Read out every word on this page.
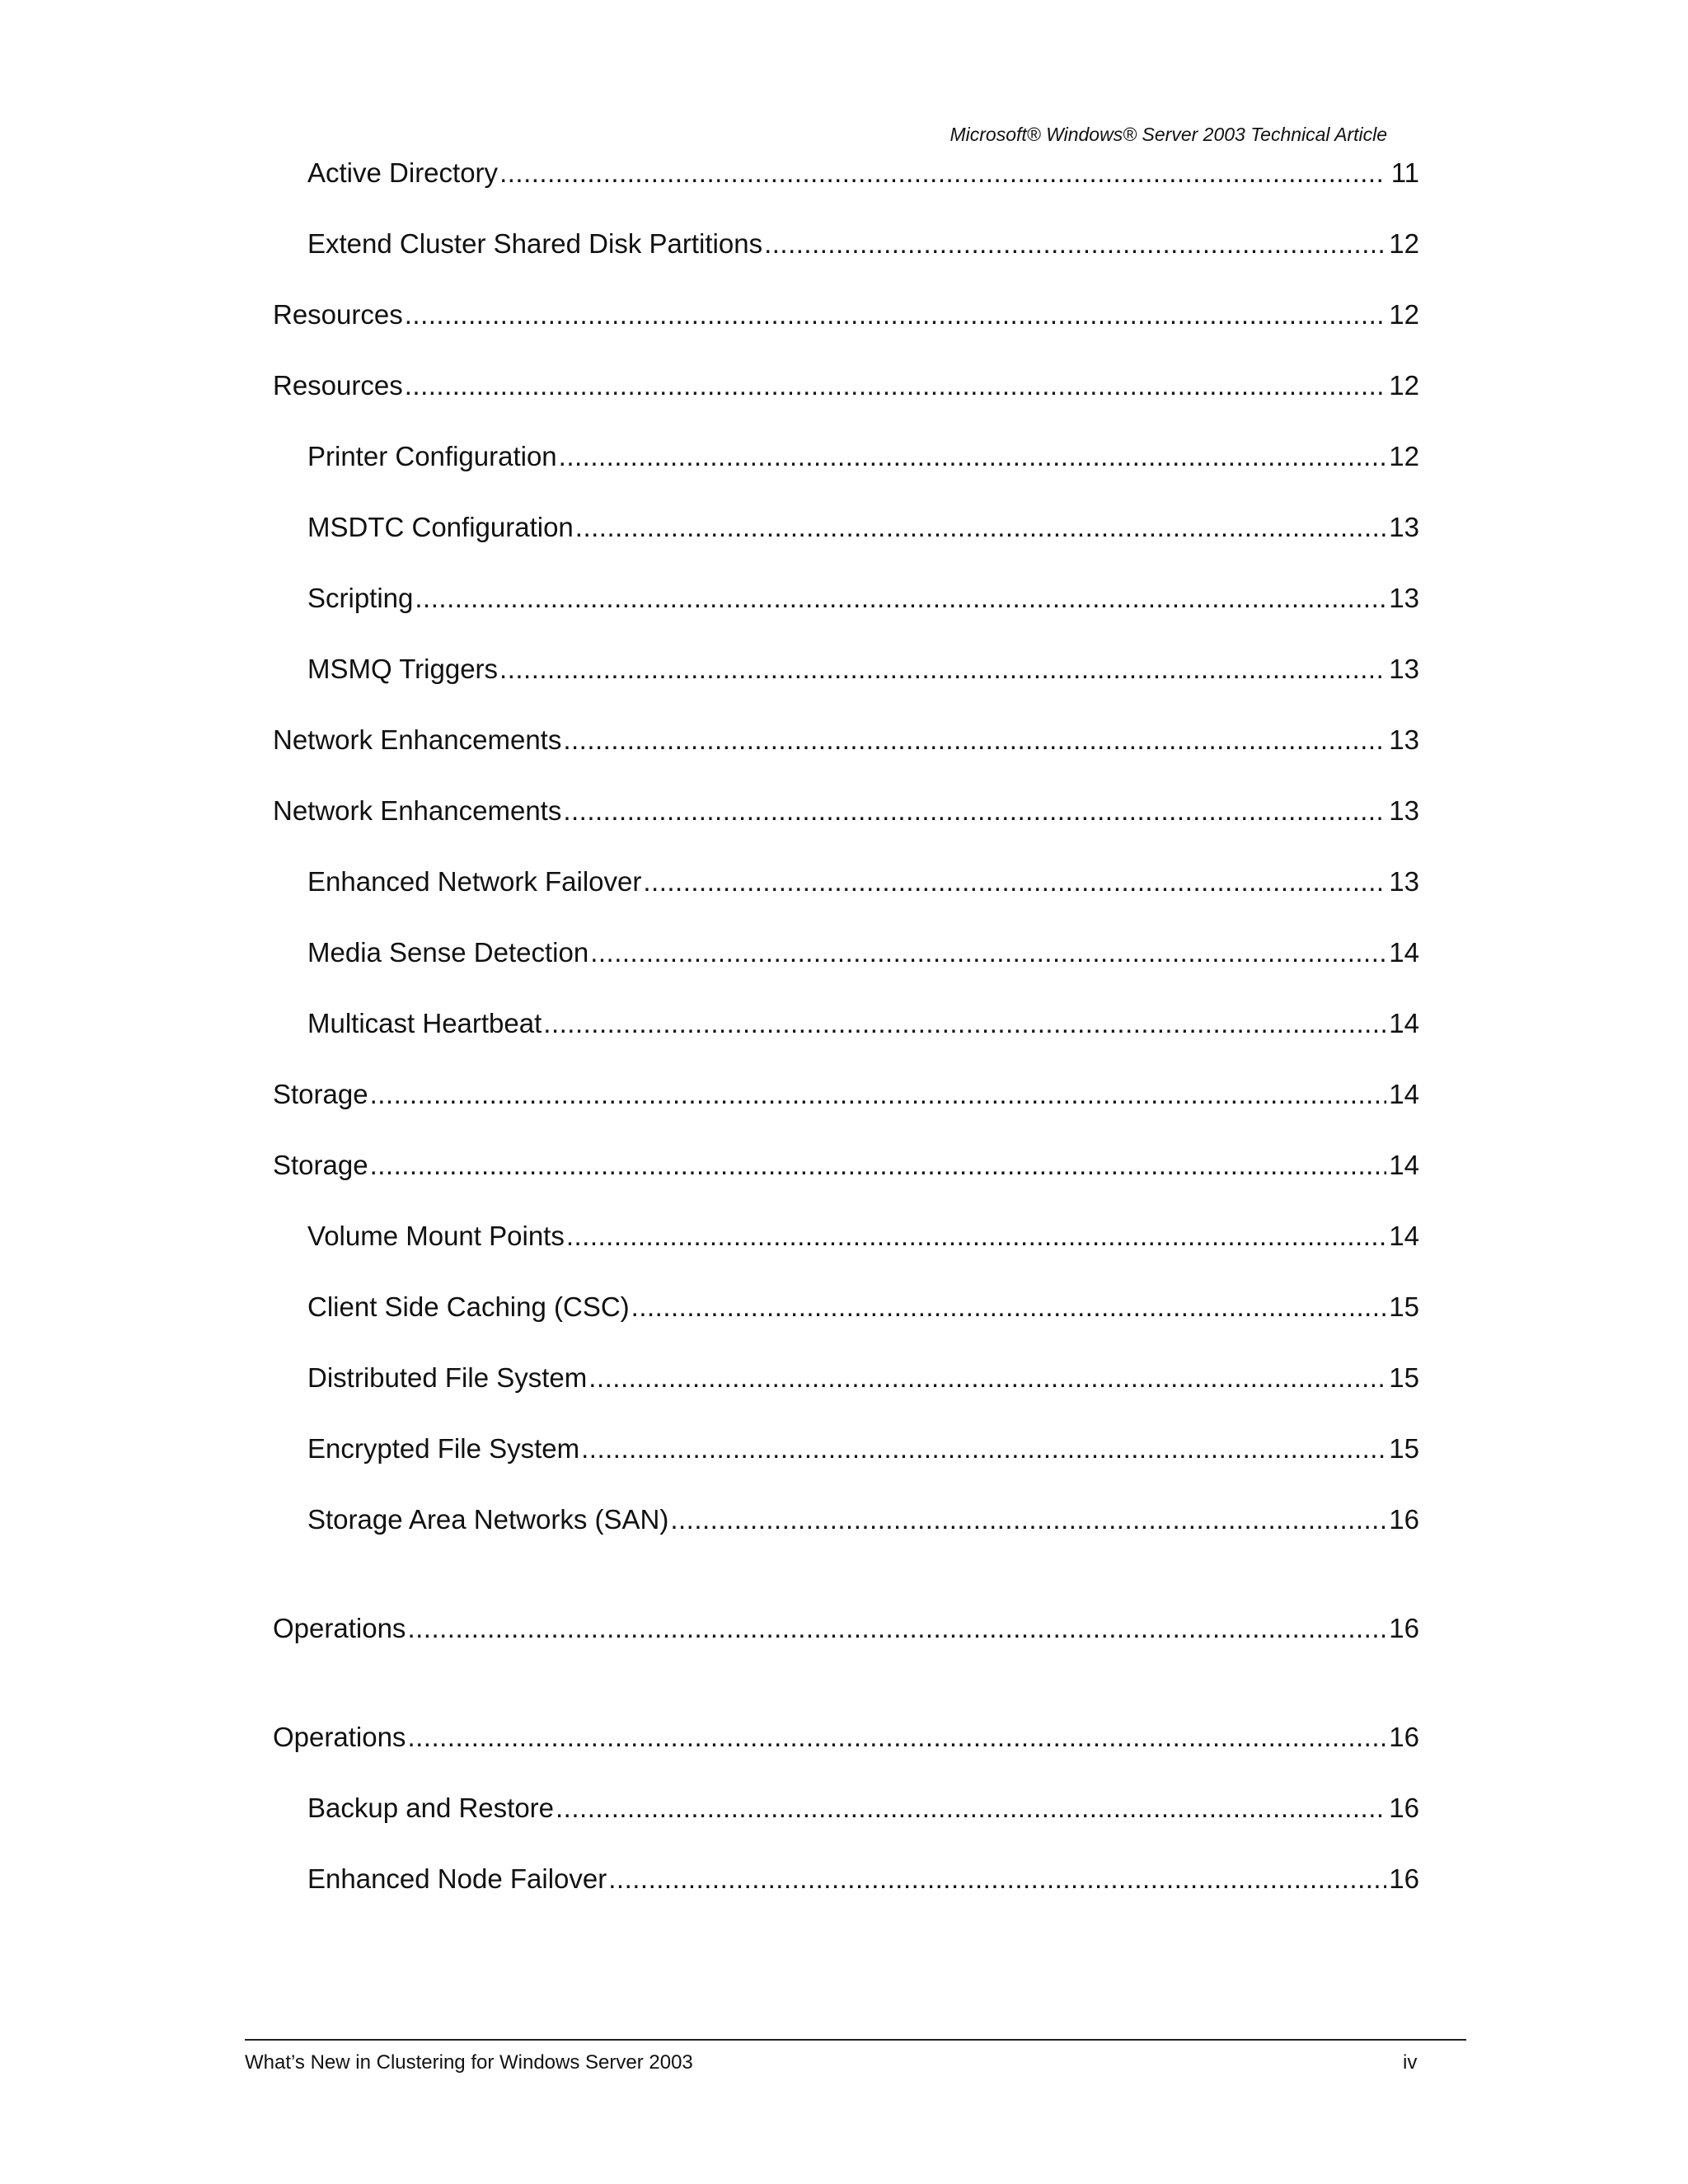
Microsoft® Windows® Server 2003 Technical Article
Active Directory .....	11
Extend Cluster Shared Disk Partitions .....	12
Resources .....	12
Resources .....	12
Printer Configuration .....	12
MSDTC Configuration .....	13
Scripting .....	13
MSMQ Triggers .....	13
Network Enhancements .....	13
Network Enhancements .....	13
Enhanced Network Failover .....	13
Media Sense Detection .....	14
Multicast Heartbeat .....	14
Storage .....	14
Storage .....	14
Volume Mount Points .....	14
Client Side Caching (CSC) .....	15
Distributed File System .....	15
Encrypted File System .....	15
Storage Area Networks (SAN) .....	16
Operations .....	16
Operations .....	16
Backup and Restore .....	16
Enhanced Node Failover .....	16
What’s New in Clustering for Windows Server 2003	iv
